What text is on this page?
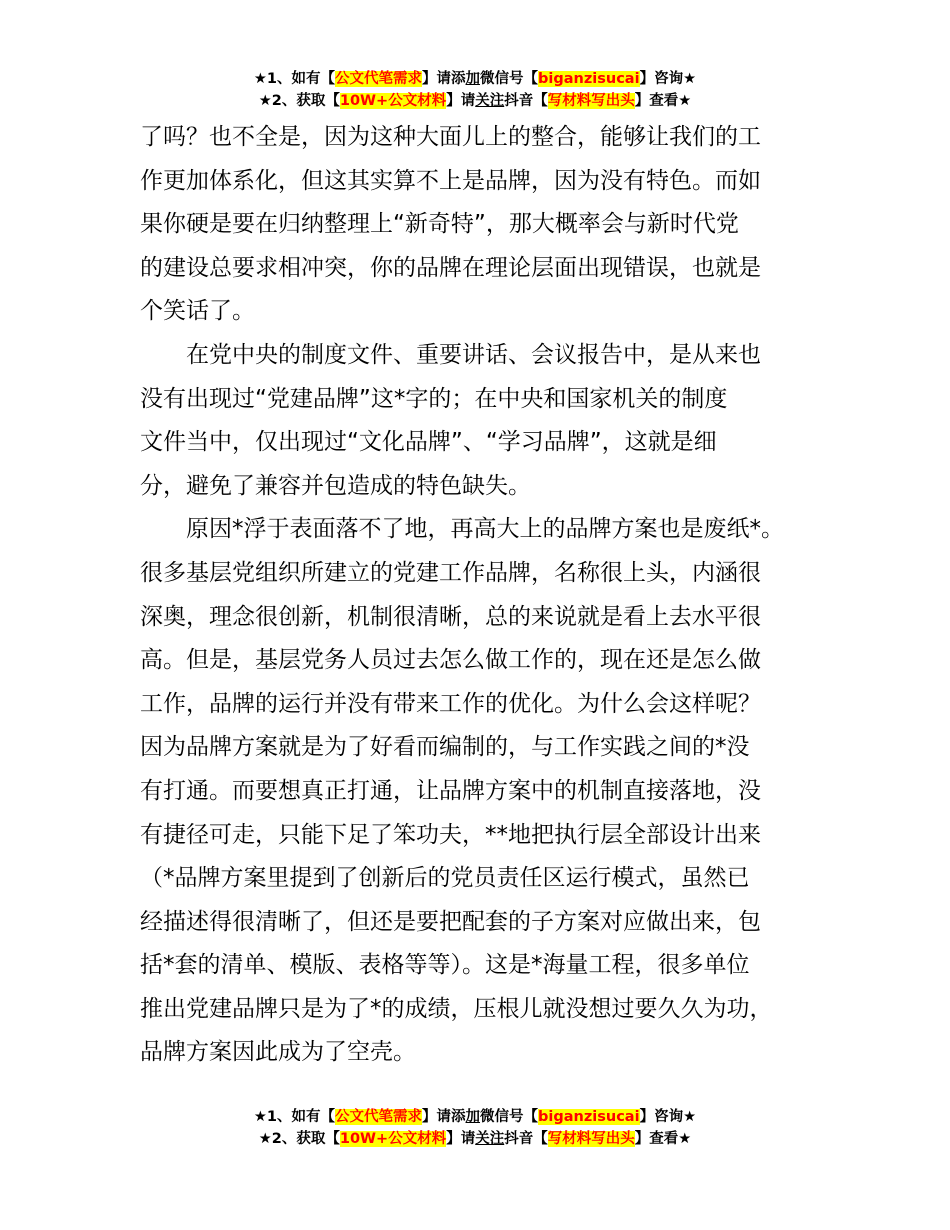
★1、如有【公文代笔需求】请添加微信号【biganzisucai】咨询★
★2、获取【10W+公文材料】请关注抖音【写材料写出头】查看★
了吗？也不全是，因为这种大面儿上的整合，能够让我们的工
作更加体系化，但这其实算不上是品牌，因为没有特色。而如
果你硬是要在归纳整理上“新奇特”，那大概率会与新时代党
的建设总要求相冲突，你的品牌在理论层面出现错误，也就是
个笑话了。
　　在党中央的制度文件、重要讲话、会议报告中，是从来也
没有出现过“党建品牌”这*字的；在中央和国家机关的制度
文件当中，仅出现过“文化品牌”、“学习品牌”，这就是细
分，避免了兼容并包造成的特色缺失。
　　原因*浮于表面落不了地，再高大上的品牌方案也是废纸*。
很多基层党组织所建立的党建工作品牌，名称很上头，内涵很
深奥，理念很创新，机制很清晰，总的来说就是看上去水平很
高。但是，基层党务人员过去怎么做工作的，现在还是怎么做
工作，品牌的运行并没有带来工作的优化。为什么会这样呢？
因为品牌方案就是为了好看而编制的，与工作实践之间的*没
有打通。而要想真正打通，让品牌方案中的机制直接落地，没
有捷径可走，只能下足了笨功夫，**地把执行层全部设计出来
（*品牌方案里提到了创新后的党员责任区运行模式，虽然已
经描述得很清晰了，但还是要把配套的子方案对应做出来，包
括*套的清单、模版、表格等等）。这是*海量工程，很多单位
推出党建品牌只是为了*的成绩，压根儿就没想过要久久为功，
品牌方案因此成为了空壳。
★1、如有【公文代笔需求】请添加微信号【biganzisucai】咨询★
★2、获取【10W+公文材料】请关注抖音【写材料写出头】查看★
